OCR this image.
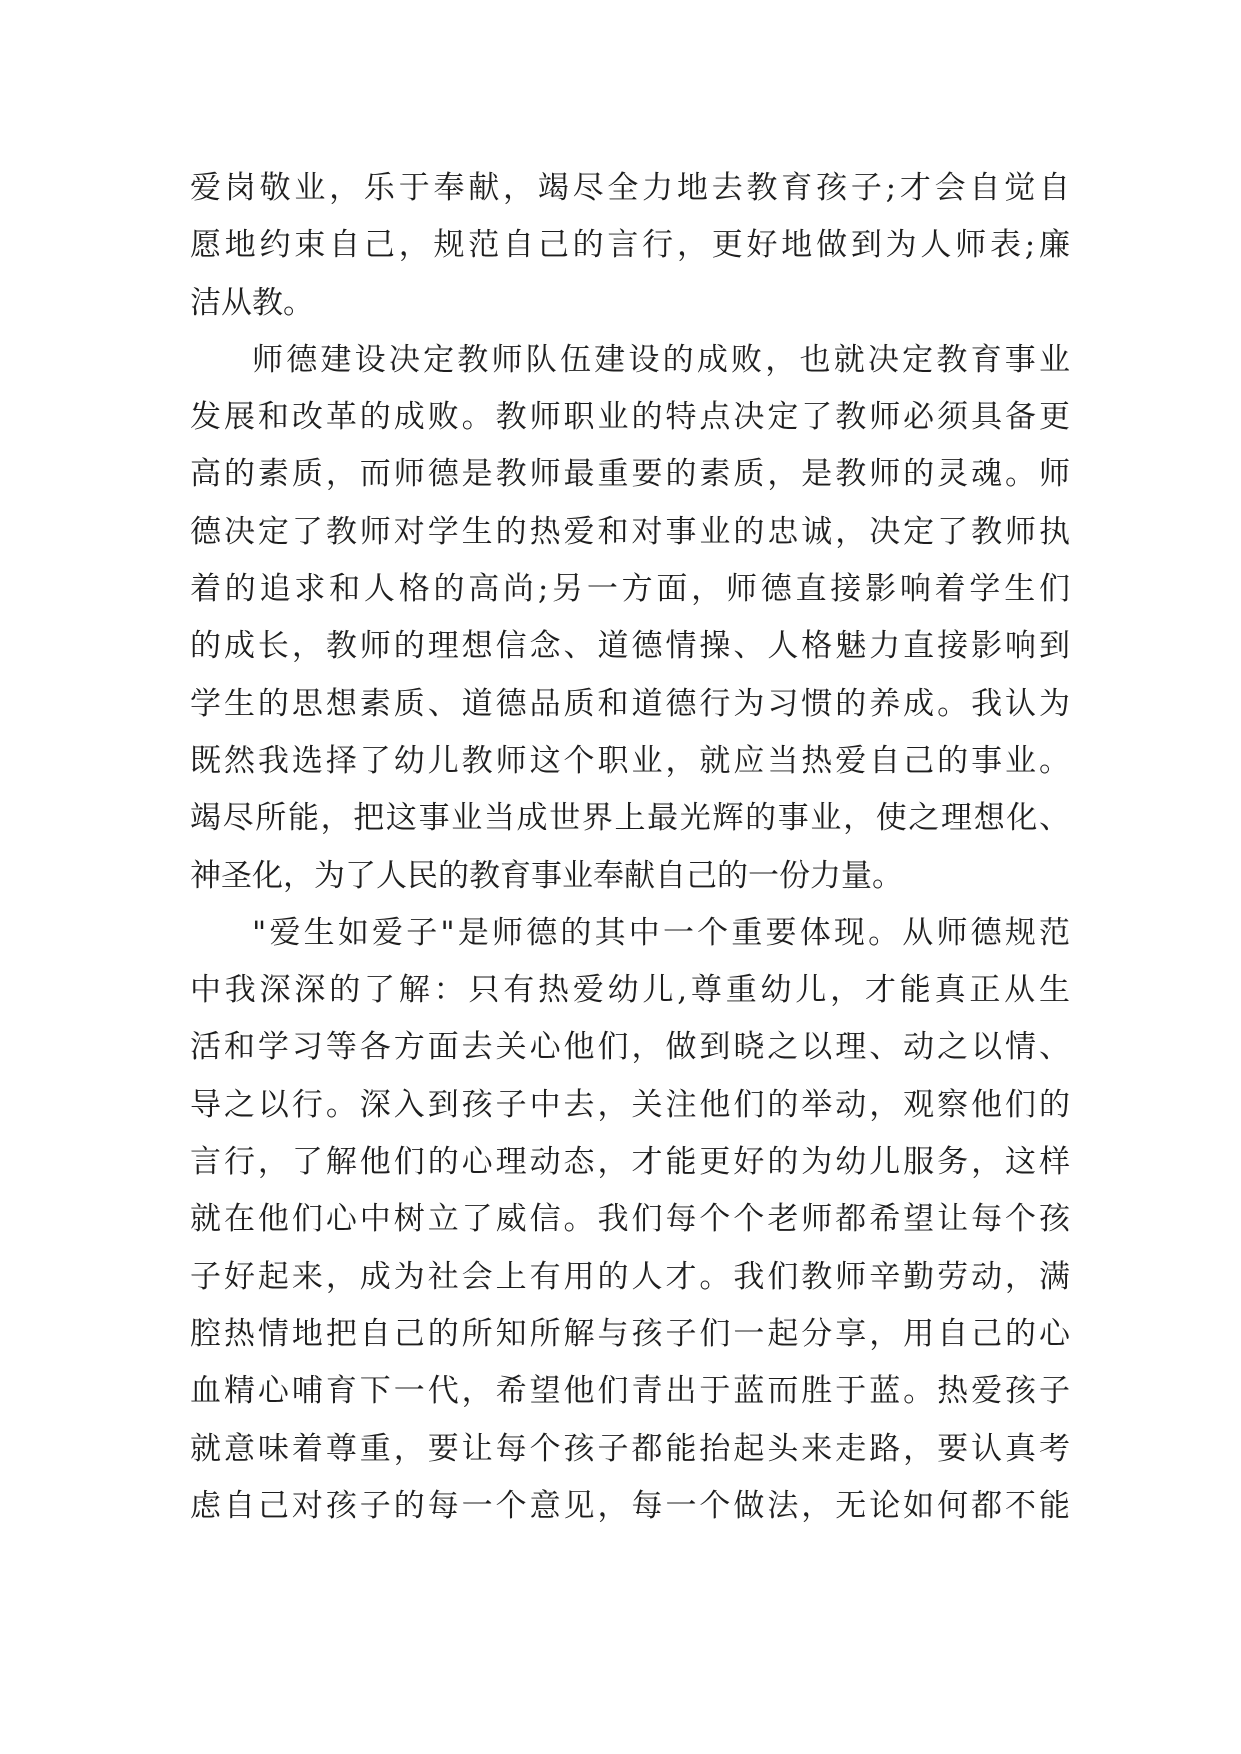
爱岗敬业，乐于奉献，竭尽全力地去教育孩子;才会自觉自
愿地约束自己，规范自己的言行，更好地做到为人师表;廉
洁从教。
师德建设决定教师队伍建设的成败，也就决定教育事业
发展和改革的成败。教师职业的特点决定了教师必须具备更
高的素质，而师德是教师最重要的素质，是教师的灵魂。师
德决定了教师对学生的热爱和对事业的忠诚，决定了教师执
着的追求和人格的高尚;另一方面，师德直接影响着学生们
的成长，教师的理想信念、道德情操、人格魅力直接影响到
学生的思想素质、道德品质和道德行为习惯的养成。我认为
既然我选择了幼儿教师这个职业，就应当热爱自己的事业。
竭尽所能，把这事业当成世界上最光辉的事业，使之理想化、
神圣化，为了人民的教育事业奉献自己的一份力量。
"爱生如爱子"是师德的其中一个重要体现。从师德规范
中我深深的了解：只有热爱幼儿,尊重幼儿，才能真正从生
活和学习等各方面去关心他们，做到晓之以理、动之以情、
导之以行。深入到孩子中去，关注他们的举动，观察他们的
言行，了解他们的心理动态，才能更好的为幼儿服务，这样
就在他们心中树立了威信。我们每个个老师都希望让每个孩
子好起来，成为社会上有用的人才。我们教师辛勤劳动，满
腔热情地把自己的所知所解与孩子们一起分享，用自己的心
血精心哺育下一代，希望他们青出于蓝而胜于蓝。热爱孩子
就意味着尊重，要让每个孩子都能抬起头来走路，要认真考
虑自己对孩子的每一个意见，每一个做法，无论如何都不能
